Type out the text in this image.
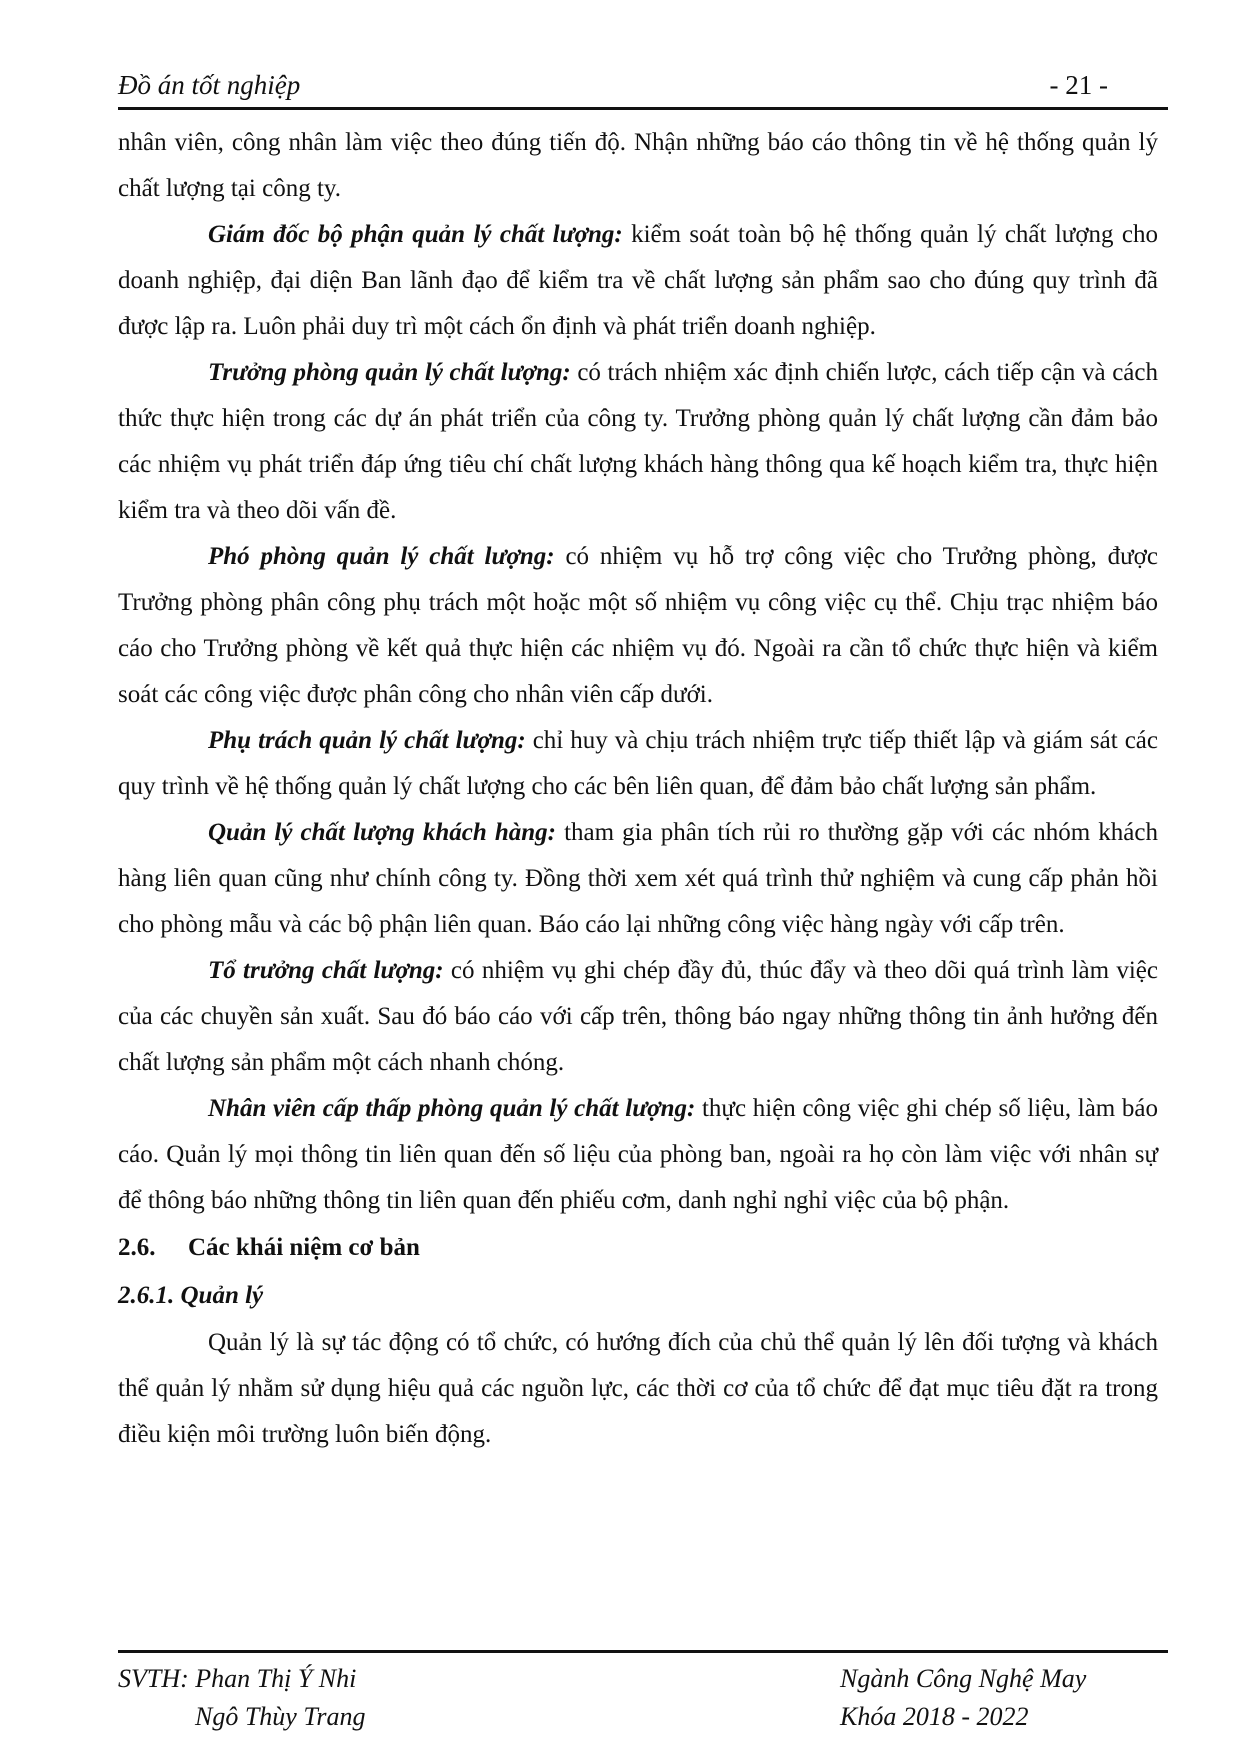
Đồ án tốt nghiệp	- 21 -

nhân viên, công nhân làm việc theo đúng tiến độ. Nhận những báo cáo thông tin về hệ thống quản lý chất lượng tại công ty.

Giám đốc bộ phận quản lý chất lượng: kiểm soát toàn bộ hệ thống quản lý chất lượng cho doanh nghiệp, đại diện Ban lãnh đạo để kiểm tra về chất lượng sản phẩm sao cho đúng quy trình đã được lập ra. Luôn phải duy trì một cách ổn định và phát triển doanh nghiệp.

Trưởng phòng quản lý chất lượng: có trách nhiệm xác định chiến lược, cách tiếp cận và cách thức thực hiện trong các dự án phát triển của công ty. Trưởng phòng quản lý chất lượng cần đảm bảo các nhiệm vụ phát triển đáp ứng tiêu chí chất lượng khách hàng thông qua kế hoạch kiểm tra, thực hiện kiểm tra và theo dõi vấn đề.

Phó phòng quản lý chất lượng: có nhiệm vụ hỗ trợ công việc cho Trưởng phòng, được Trưởng phòng phân công phụ trách một hoặc một số nhiệm vụ công việc cụ thể. Chịu trạc nhiệm báo cáo cho Trưởng phòng về kết quả thực hiện các nhiệm vụ đó. Ngoài ra cần tổ chức thực hiện và kiểm soát các công việc được phân công cho nhân viên cấp dưới.

Phụ trách quản lý chất lượng: chỉ huy và chịu trách nhiệm trực tiếp thiết lập và giám sát các quy trình về hệ thống quản lý chất lượng cho các bên liên quan, để đảm bảo chất lượng sản phẩm.

Quản lý chất lượng khách hàng: tham gia phân tích rủi ro thường gặp với các nhóm khách hàng liên quan cũng như chính công ty. Đồng thời xem xét quá trình thử nghiệm và cung cấp phản hồi cho phòng mẫu và các bộ phận liên quan. Báo cáo lại những công việc hàng ngày với cấp trên.

Tổ trưởng chất lượng: có nhiệm vụ ghi chép đầy đủ, thúc đẩy và theo dõi quá trình làm việc của các chuyền sản xuất. Sau đó báo cáo với cấp trên, thông báo ngay những thông tin ảnh hưởng đến chất lượng sản phẩm một cách nhanh chóng.

Nhân viên cấp thấp phòng quản lý chất lượng: thực hiện công việc ghi chép số liệu, làm báo cáo. Quản lý mọi thông tin liên quan đến số liệu của phòng ban, ngoài ra họ còn làm việc với nhân sự để thông báo những thông tin liên quan đến phiếu cơm, danh nghỉ nghỉ việc của bộ phận.

2.6. Các khái niệm cơ bản

2.6.1. Quản lý

Quản lý là sự tác động có tổ chức, có hướng đích của chủ thể quản lý lên đối tượng và khách thể quản lý nhằm sử dụng hiệu quả các nguồn lực, các thời cơ của tổ chức để đạt mục tiêu đặt ra trong điều kiện môi trường luôn biến động.

SVTH: Phan Thị Ý Nhi
Ngô Thùy Trang
Ngành Công Nghệ May
Khóa 2018 - 2022
